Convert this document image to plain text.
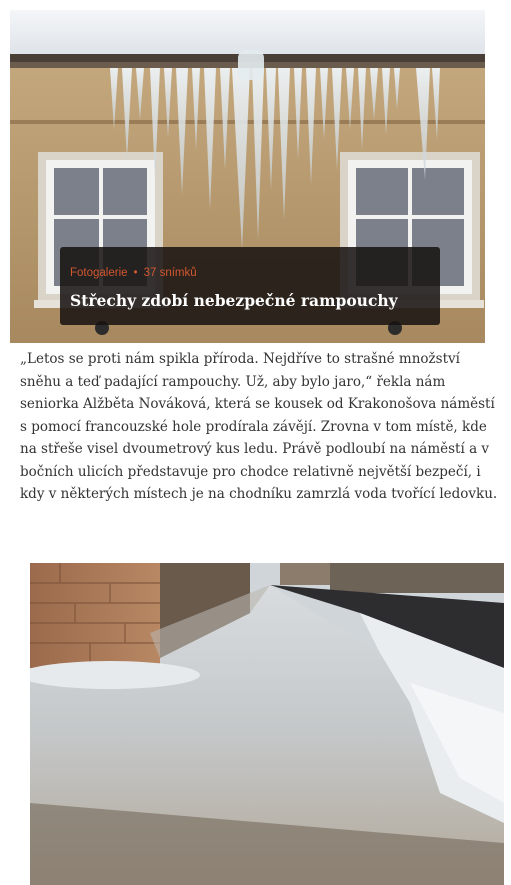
Fotogalerie • 37 snímků
Střechy zdobí nebezpečné rampouchy

„Letos se proti nám spikla příroda. Nejdříve to strašné množství sněhu a teď padající rampouchy. Už, aby bylo jaro,“ řekla nám seniorka Alžběta Nováková, která se kousek od Krakonošova náměstí s pomocí francouzské hole prodírala závějí. Zrovna v tom místě, kde na střeše visel dvoumetrový kus ledu. Právě podloubí na náměstí a v bočních ulicích představuje pro chodce relativně největší bezpečí, i kdy v některých místech je na chodníku zamrzlá voda tvořící ledovku.
